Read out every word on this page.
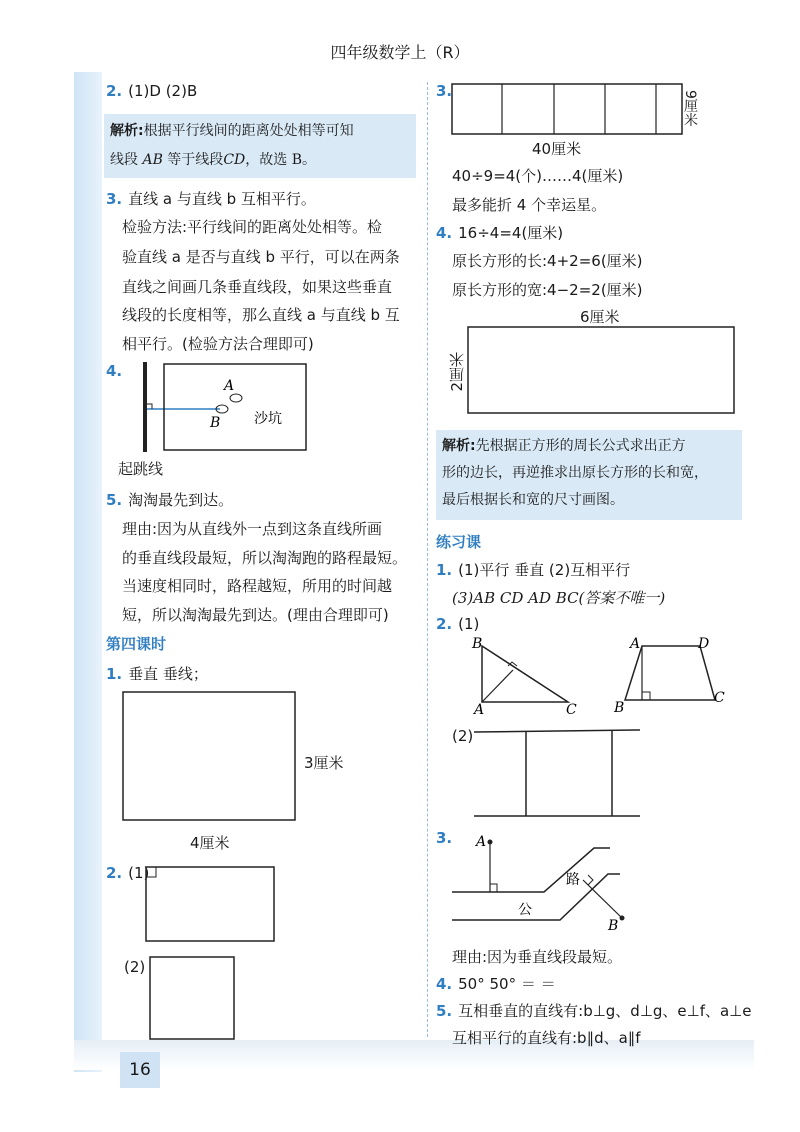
四年级数学上（R）
2. (1)D (2)B
解析:根据平行线间的距离处处相等可知
线段 AB 等于线段CD，故选 B。
3. 直线 a 与直线 b 互相平行。
检验方法:平行线间的距离处处相等。检
验直线 a 是否与直线 b 平行，可以在两条
直线之间画几条垂直线段，如果这些垂直
线段的长度相等，那么直线 a 与直线 b 互
相平行。(检验方法合理即可)
4.
A
B 沙坑
起跳线
5. 淘淘最先到达。
理由:因为从直线外一点到这条直线所画
的垂直线段最短，所以淘淘跑的路程最短。
当速度相同时，路程越短，所用的时间越
短，所以淘淘最先到达。(理由合理即可)
第四课时
1. 垂直 垂线；
3厘米
4厘米
2. (1)
(2)
3.	9厘米
40厘米
40÷9=4(个)……4(厘米)
最多能折 4 个幸运星。
4. 16÷4=4(厘米)
原长方形的长:4+2=6(厘米)
原长方形的宽:4−2=2(厘米)
6厘米
2厘米
解析:先根据正方形的周长公式求出正方
形的边长，再逆推求出原长方形的长和宽，
最后根据长和宽的尺寸画图。
练习课
1. (1)平行 垂直 (2)互相平行
(3)AB CD AD BC(答案不唯一)
2. (1)
B
A	C
A	D
B
C
(2)
3.	A
B
公
路
理由:因为垂直线段最短。
4. 50° 50° ＝ ＝
5. 互相垂直的直线有:b⊥g、d⊥g、e⊥f、a⊥e
互相平行的直线有:b∥d、a∥f
16
